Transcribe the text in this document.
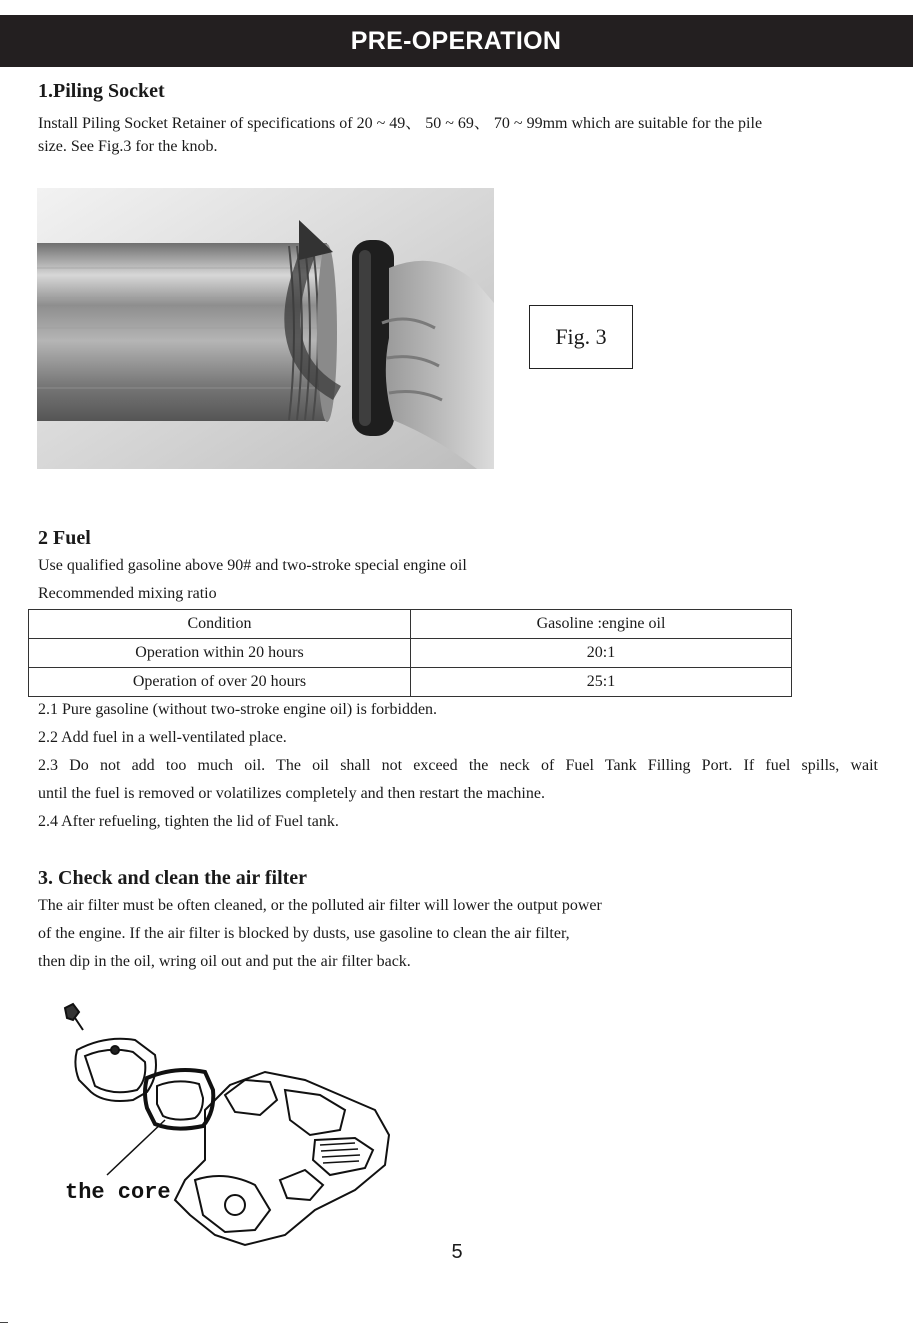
PRE-OPERATION
1.Piling Socket
Install Piling Socket Retainer of specifications of 20 ~ 49、 50 ~ 69、 70 ~ 99mm which are suitable for the pile
size. See Fig.3 for the knob.
Fig. 3
2 Fuel
Use qualified gasoline above 90# and two-stroke special engine oil
Recommended mixing ratio
Condition	Gasoline :engine oil
Operation within 20 hours	20:1
Operation of over 20 hours	25:1
2.1 Pure gasoline (without two-stroke engine oil) is forbidden.
2.2 Add fuel in a well-ventilated place.
2.3 Do not add too much oil. The oil shall not exceed the neck of Fuel Tank Filling Port. If fuel spills, wait
until the fuel is removed or volatilizes completely and then restart the machine.
2.4 After refueling, tighten the lid of Fuel tank.
3. Check and clean the air filter
The air filter must be often cleaned, or the polluted air filter will lower the output power
of the engine. If the air filter is blocked by dusts, use gasoline to clean the air filter,
then dip in the oil, wring oil out and put the air filter back.
the core
5
